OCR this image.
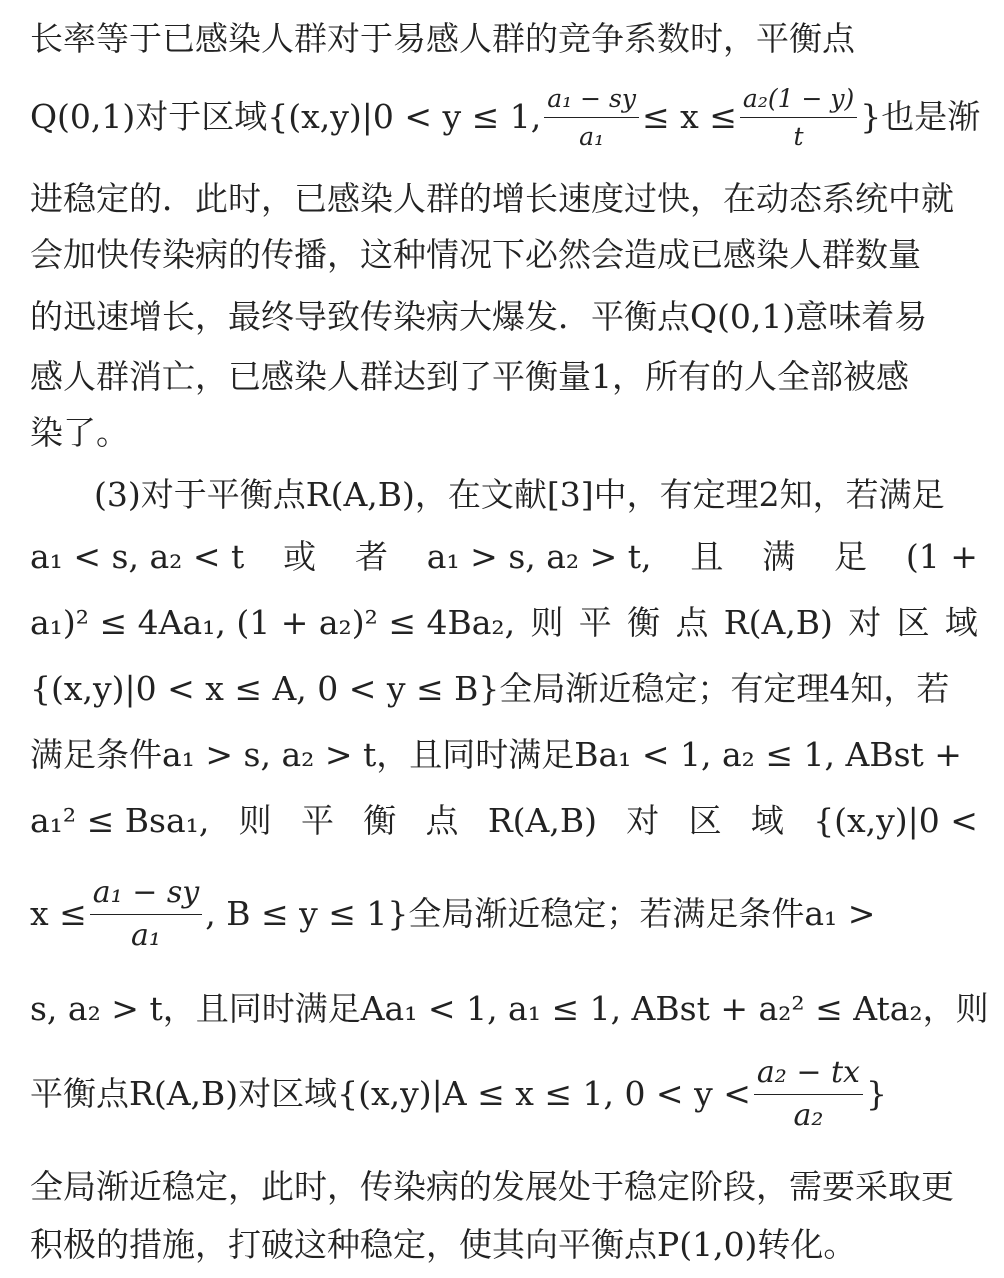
长率等于已感染人群对于易感人群的竞争系数时，平衡点
Q(0,1)对于区域{(x,y)|0 < y ≤ 1, $\frac{\text{a₁ − sy}}{\text{a₁}} \le x \le \frac{\text{a₂(1 − y)}}{t}$ }也是渐
进稳定的．此时，已感染人群的增长速度过快，在动态系统中就
会加快传染病的传播，这种情况下必然会造成已感染人群数量
的迅速增长，最终导致传染病大爆发．平衡点Q(0,1)意味着易
感人群消亡，已感染人群达到了平衡量1，所有的人全部被感
染了。
(3)对于平衡点R(A,B)，在文献[3]中，有定理2知，若满足
a₁ < s, a₂ < t 或 者 a₁ > s, a₂ > t, 且 满 足 (1 +
a₁)² ≤ 4Aa₁, (1 + a₂)² ≤ 4Ba₂, 则 平 衡 点 R(A,B) 对 区 域
{(x,y)|0 < x ≤ A, 0 < y ≤ B}全局渐近稳定；有定理4知，若
满足条件a₁ > s, a₂ > t，且同时满足Ba₁ < 1, a₂ ≤ 1, ABst +
a₁² ≤ Bsa₁, 则 平 衡 点 R(A,B) 对 区 域 {(x,y)|0 <
$x \le \frac{\text{a₁ − sy}}{\text{a₁}}$ , B ≤ y ≤ 1}全局渐近稳定；若满足条件a₁ >
s, a₂ > t，且同时满足Aa₁ < 1, a₁ ≤ 1, ABst + a₂² ≤ Ata₂，则
平衡点R(A,B)对区域{(x,y)|A ≤ x ≤ 1, $0 < y < \frac{\text{a₂ − tx}}{\text{a₂}}$ }
全局渐近稳定，此时，传染病的发展处于稳定阶段，需要采取更
积极的措施，打破这种稳定，使其向平衡点P(1,0)转化。
